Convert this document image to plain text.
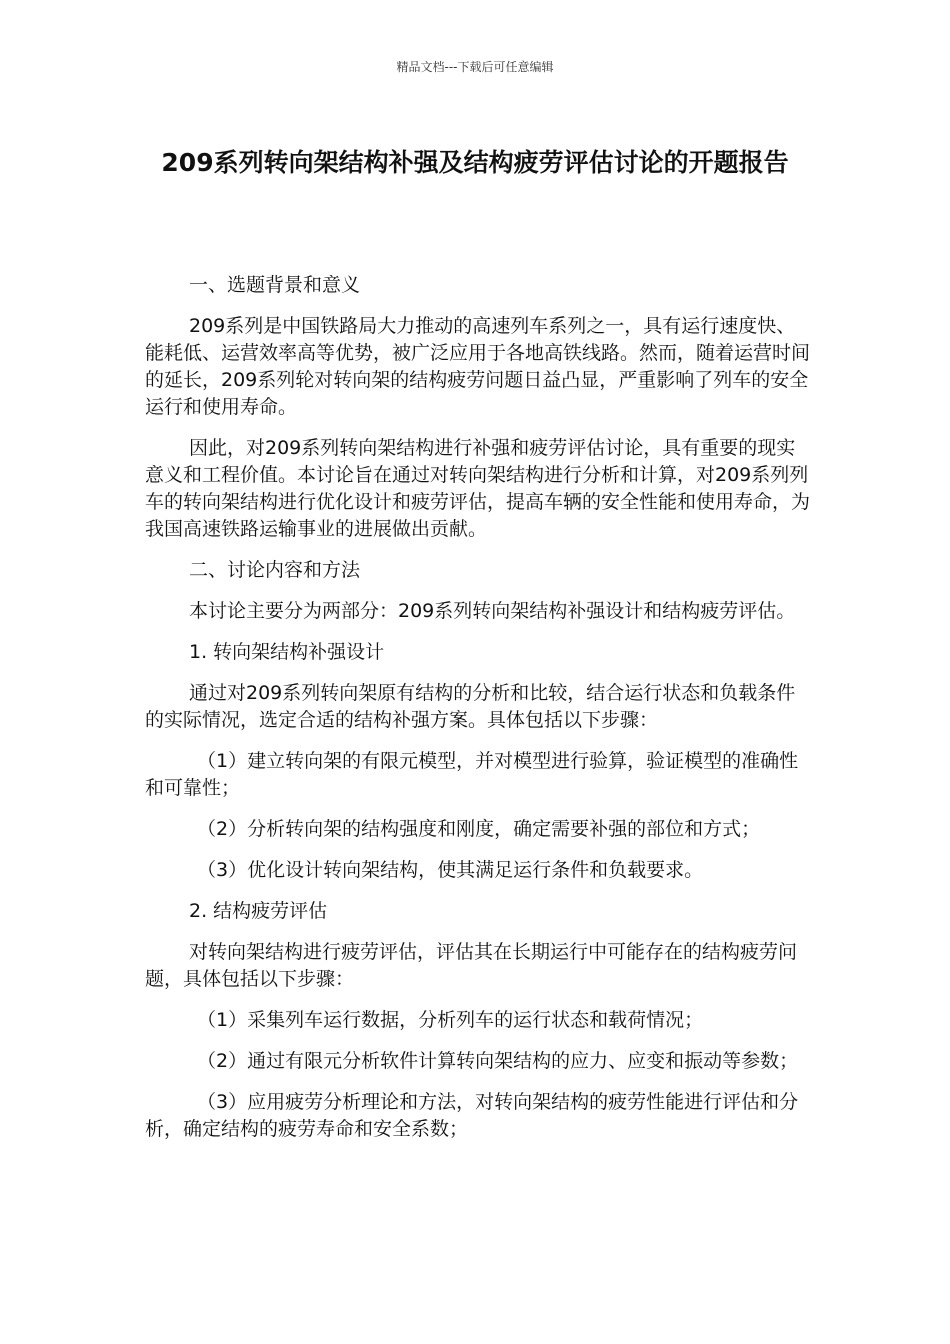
精品文档---下载后可任意编辑
209系列转向架结构补强及结构疲劳评估讨论的开题报告

一、选题背景和意义

209系列是中国铁路局大力推动的高速列车系列之一，具有运行速度快、能耗低、运营效率高等优势，被广泛应用于各地高铁线路。然而，随着运营时间的延长，209系列轮对转向架的结构疲劳问题日益凸显，严重影响了列车的安全运行和使用寿命。

因此，对209系列转向架结构进行补强和疲劳评估讨论，具有重要的现实意义和工程价值。本讨论旨在通过对转向架结构进行分析和计算，对209系列列车的转向架结构进行优化设计和疲劳评估，提高车辆的安全性能和使用寿命，为我国高速铁路运输事业的进展做出贡献。

二、讨论内容和方法

本讨论主要分为两部分：209系列转向架结构补强设计和结构疲劳评估。

1. 转向架结构补强设计

通过对209系列转向架原有结构的分析和比较，结合运行状态和负载条件的实际情况，选定合适的结构补强方案。具体包括以下步骤：

（1）建立转向架的有限元模型，并对模型进行验算，验证模型的准确性和可靠性；

（2）分析转向架的结构强度和刚度，确定需要补强的部位和方式；

（3）优化设计转向架结构，使其满足运行条件和负载要求。

2. 结构疲劳评估

对转向架结构进行疲劳评估，评估其在长期运行中可能存在的结构疲劳问题，具体包括以下步骤：

（1）采集列车运行数据，分析列车的运行状态和载荷情况；

（2）通过有限元分析软件计算转向架结构的应力、应变和振动等参数；

（3）应用疲劳分析理论和方法，对转向架结构的疲劳性能进行评估和分析，确定结构的疲劳寿命和安全系数；
